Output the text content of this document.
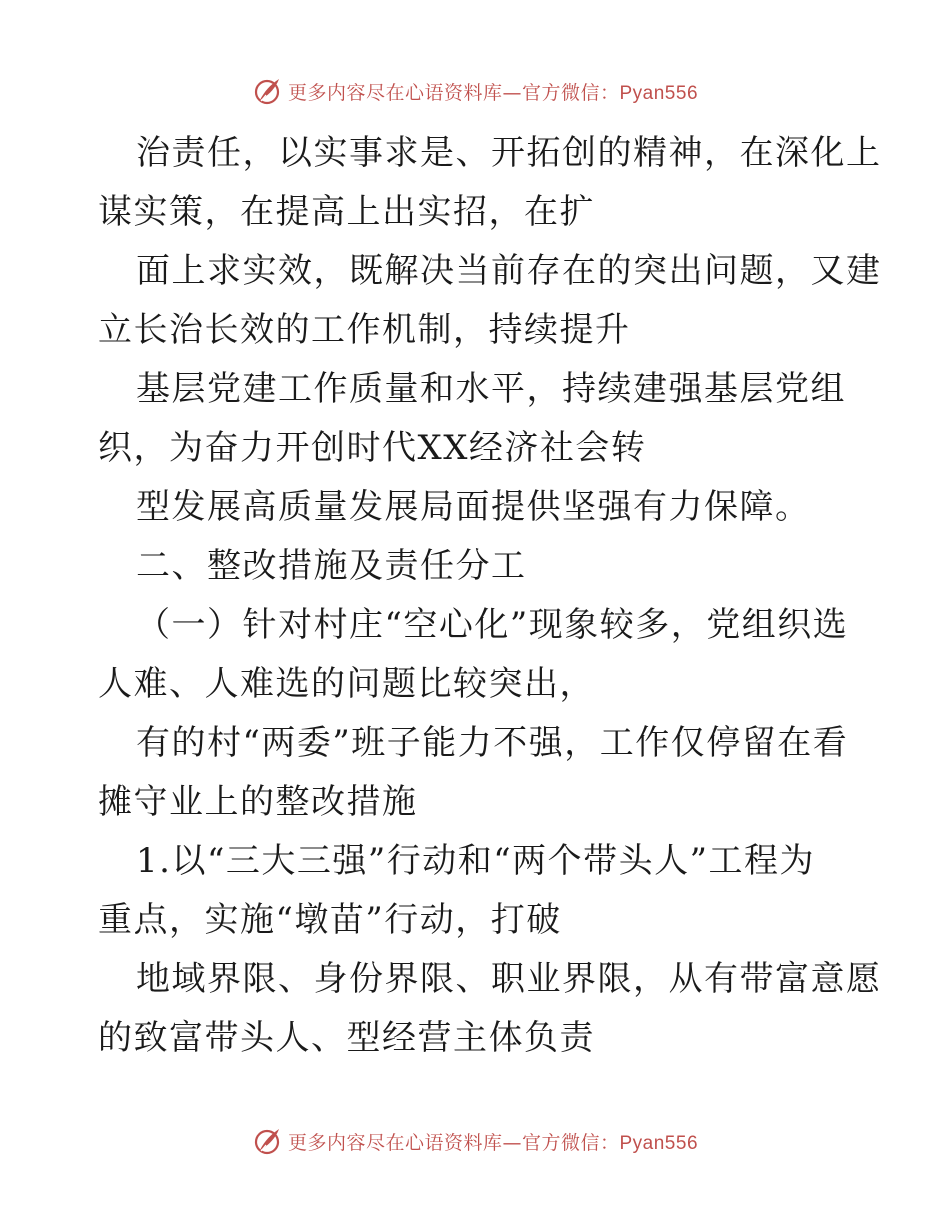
更多内容尽在心语资料库—官方微信：Pyan556
治责任，以实事求是、开拓创的精神，在深化上
谋实策，在提高上出实招，在扩
面上求实效，既解决当前存在的突出问题，又建
立长治长效的工作机制，持续提升
基层党建工作质量和水平，持续建强基层党组
织，为奋力开创时代XX经济社会转
型发展高质量发展局面提供坚强有力保障。
二、整改措施及责任分工
（一）针对村庄“空心化”现象较多，党组织选
人难、人难选的问题比较突出，
有的村“两委”班子能力不强，工作仅停留在看
摊守业上的整改措施
1.以“三大三强”行动和“两个带头人”工程为
重点，实施“墩苗”行动，打破
地域界限、身份界限、职业界限，从有带富意愿
的致富带头人、型经营主体负责
更多内容尽在心语资料库—官方微信：Pyan556
